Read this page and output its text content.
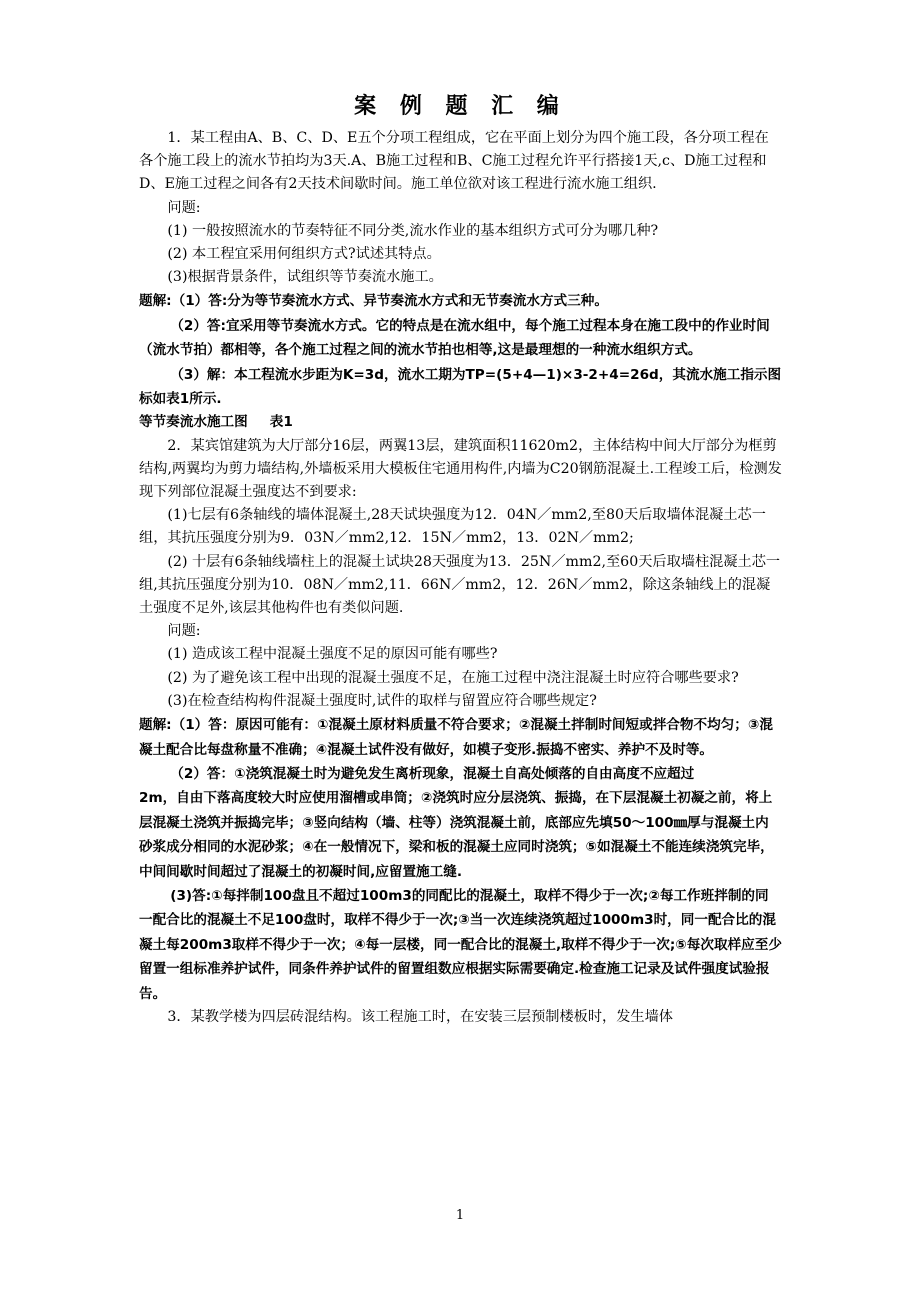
案 例 题 汇 编

1．某工程由A、B、C、D、E五个分项工程组成，它在平面上划分为四个施工段，各分项工程在各个施工段上的流水节拍均为3天.A、B施工过程和B、C施工过程允许平行搭接1天,c、D施工过程和D、E施工过程之间各有2天技术间歇时间。施工单位欲对该工程进行流水施工组织.

问题:

(1) 一般按照流水的节奏特征不同分类,流水作业的基本组织方式可分为哪几种?

(2) 本工程宜采用何组织方式?试述其特点。

(3)根据背景条件，试组织等节奏流水施工。

题解:（1）答:分为等节奏流水方式、异节奏流水方式和无节奏流水方式三种。

（2）答:宜采用等节奏流水方式。它的特点是在流水组中，每个施工过程本身在施工段中的作业时间（流水节拍）都相等，各个施工过程之间的流水节拍也相等,这是最理想的一种流水组织方式。

（3）解：本工程流水步距为K=3d，流水工期为TP=(5+4—1)×3-2+4=26d，其流水施工指示图标如表1所示.

等节奏流水施工图 表1

2．某宾馆建筑为大厅部分16层，两翼13层，建筑面积11620m2，主体结构中间大厅部分为框剪结构,两翼均为剪力墙结构,外墙板采用大模板住宅通用构件,内墙为C20钢筋混凝土.工程竣工后，检测发现下列部位混凝土强度达不到要求:

(1)七层有6条轴线的墙体混凝土,28天试块强度为12．04N／mm2,至80天后取墙体混凝土芯一组，其抗压强度分别为9．03N／mm2,12．15N／mm2，13．02N／mm2;

(2) 十层有6条轴线墙柱上的混凝土试块28天强度为13．25N／mm2,至60天后取墙柱混凝土芯一组,其抗压强度分别为10．08N／mm2,11．66N／mm2，12．26N／mm2，除这条轴线上的混凝土强度不足外,该层其他构件也有类似问题.

问题:

(1) 造成该工程中混凝土强度不足的原因可能有哪些?

(2) 为了避免该工程中出现的混凝土强度不足，在施工过程中浇注混凝土时应符合哪些要求?

(3)在检查结构构件混凝土强度时,试件的取样与留置应符合哪些规定?

题解:（1）答：原因可能有：①混凝土原材料质量不符合要求；②混凝土拌制时间短或拌合物不均匀；③混凝土配合比每盘称量不准确；④混凝土试件没有做好，如模子变形.振捣不密实、养护不及时等。

（2）答：①浇筑混凝土时为避免发生离析现象，混凝土自高处倾落的自由高度不应超过

2m，自由下落高度较大时应使用溜槽或串筒；②浇筑时应分层浇筑、振捣，在下层混凝土初凝之前，将上层混凝土浇筑并振捣完毕；③竖向结构（墙、柱等）浇筑混凝土前，底部应先填50～100㎜厚与混凝土内砂浆成分相同的水泥砂浆；④在一般情况下，梁和板的混凝土应同时浇筑；⑤如混凝土不能连续浇筑完毕，中间间歇时间超过了混凝土的初凝时间,应留置施工缝.

(3)答:①每拌制100盘且不超过100m3的同配比的混凝土，取样不得少于一次;②每工作班拌制的同一配合比的混凝土不足100盘时，取样不得少于一次;③当一次连续浇筑超过1000m3时，同一配合比的混凝土每200m3取样不得少于一次；④每一层楼，同一配合比的混凝土,取样不得少于一次;⑤每次取样应至少留置一组标准养护试件，同条件养护试件的留置组数应根据实际需要确定.检查施工记录及试件强度试验报告。

3．某教学楼为四层砖混结构。该工程施工时，在安装三层预制楼板时，发生墙体

1
